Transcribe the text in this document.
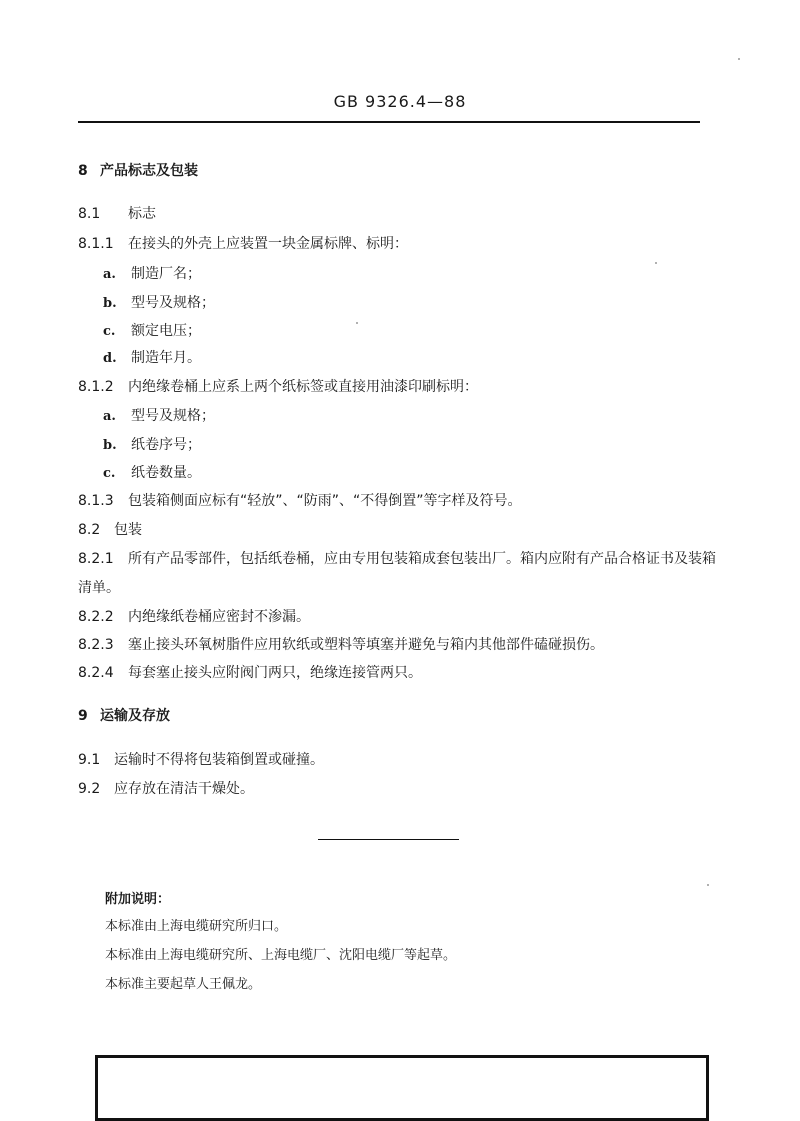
GB 9326.4—88
8 产品标志及包装
8.1 标志
8.1.1 在接头的外壳上应装置一块金属标牌、标明：
a. 制造厂名；
b. 型号及规格；
c. 额定电压；
d. 制造年月。
8.1.2 内绝缘卷桶上应系上两个纸标签或直接用油漆印刷标明：
a. 型号及规格；
b. 纸卷序号；
c. 纸卷数量。
8.1.3 包装箱侧面应标有“轻放”、“防雨”、“不得倒置”等字样及符号。
8.2 包装
8.2.1 所有产品零部件，包括纸卷桶，应由专用包装箱成套包装出厂。箱内应附有产品合格证书及装箱
清单。
8.2.2 内绝缘纸卷桶应密封不渗漏。
8.2.3 塞止接头环氧树脂件应用软纸或塑料等填塞并避免与箱内其他部件磕碰损伤。
8.2.4 每套塞止接头应附阀门两只，绝缘连接管两只。
9 运输及存放
9.1 运输时不得将包装箱倒置或碰撞。
9.2 应存放在清洁干燥处。
附加说明：
本标准由上海电缆研究所归口。
本标准由上海电缆研究所、上海电缆厂、沈阳电缆厂等起草。
本标准主要起草人王佩龙。
